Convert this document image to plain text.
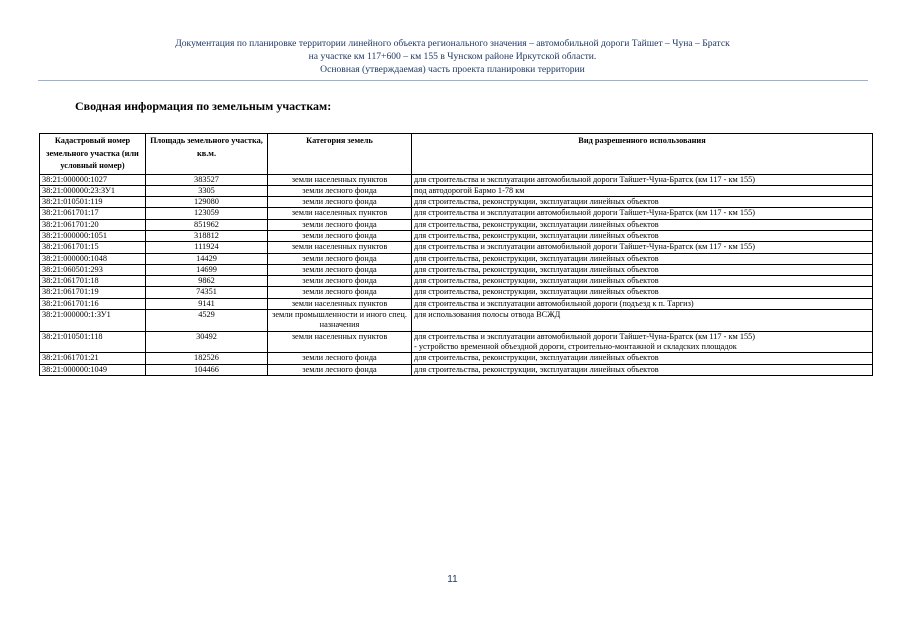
Документация по планировке территории линейного объекта регионального значения – автомобильной дороги Тайшет – Чуна – Братск
на участке км 117+600 – км 155 в Чунском районе Иркутской области.
Основная (утверждаемая) часть проекта планировки территории
Сводная информация по земельным участкам:
Кадастровый номер земельного участка (или условный номер)	Площадь земельного участка, кв.м.	Категория земель	Вид разрешенного использования
38:21:000000:1027	383527	земли населенных пунктов	для строительства и эксплуатации автомобильной дороги Тайшет-Чуна-Братск (км 117 - км 155)
38:21:000000:23:ЗУ1	3305	земли лесного фонда	под автодорогой Бармо 1-78 км
38:21:010501:119	129080	земли лесного фонда	для строительства, реконструкции, эксплуатации линейных объектов
38:21:061701:17	123059	земли населенных пунктов	для строительства и эксплуатации автомобильной дороги Тайшет-Чуна-Братск (км 117 - км 155)
38:21:061701:20	851962	земли лесного фонда	для строительства, реконструкции, эксплуатации линейных объектов
38:21:000000:1051	318812	земли лесного фонда	для строительства, реконструкции, эксплуатации линейных объектов
38:21:061701:15	111924	земли населенных пунктов	для строительства и эксплуатации автомобильной дороги Тайшет-Чуна-Братск (км 117 - км 155)
38:21:000000:1048	14429	земли лесного фонда	для строительства, реконструкции, эксплуатации линейных объектов
38:21:060501:293	14699	земли лесного фонда	для строительства, реконструкции, эксплуатации линейных объектов
38:21:061701:18	9862	земли лесного фонда	для строительства, реконструкции, эксплуатации линейных объектов
38:21:061701:19	74351	земли лесного фонда	для строительства, реконструкции, эксплуатации линейных объектов
38:21:061701:16	9141	земли населенных пунктов	для строительства и эксплуатации автомобильной дороги (подъезд к п. Таргиз)
38:21:000000:1:ЗУ1	4529	земли промышленности и иного спец. назначения	для использования полосы отвода ВСЖД
38:21:010501:118	30492	земли населенных пунктов	для строительства и эксплуатации автомобильной дороги Тайшет-Чуна-Братск (км 117 - км 155)
- устройство временной объездной дороги, строительно-монтажной и складских площадок

38:21:061701:21	182526	земли лесного фонда	для строительства, реконструкции, эксплуатации линейных объектов
38:21:000000:1049	104466	земли лесного фонда	для строительства, реконструкции, эксплуатации линейных объектов
11
